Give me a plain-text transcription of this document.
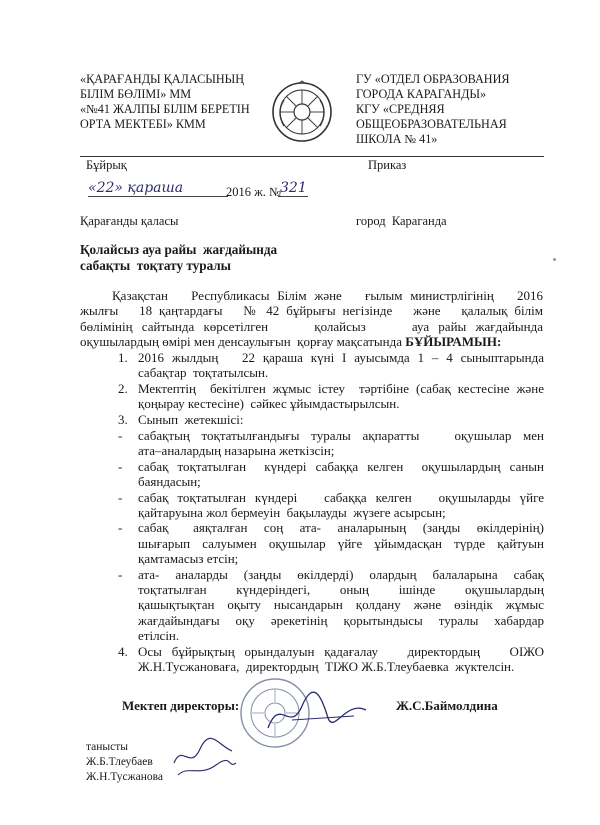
«ҚАРАҒАНДЫ ҚАЛАСЫНЫҢ
БІЛІМ БӨЛІМІ» ММ
«№41 ЖАЛПЫ БІЛІМ БЕРЕТІН
ОРТА МЕКТЕБІ» КММ
ГУ «ОТДЕЛ ОБРАЗОВАНИЯ
ГОРОДА КАРАГАНДЫ»
КГУ «СРЕДНЯЯ
ОБЩЕОБРАЗОВАТЕЛЬНАЯ
ШКОЛА № 41»
Бұйрық	Приказ
«22» қараша	2016 ж. № 321
Қарағанды қаласы	город  Караганда
Қолайсыз ауа райы  жағдайында
сабақты  тоқтату туралы
Қазақстан   Республикасы Білім және   ғылым министрлігінің   2016
жылғы   18 қаңтардағы   № 42 бұйрығы негізінде   және   қалалық білім
бөлімінің сайтында көрсетілген     қолайсыз     ауа райы жағдайында
оқушылардың өмірі мен денсаулығын  қорғау мақсатында БҰЙЫРАМЫН:
1. 2016 жылдың   22 қараша күні І ауысымда 1 – 4 сыныптарында
сабақтар  тоқтатылсын.
2. Мектептің  бекітілген жұмыс істеу  тәртібіне (сабақ кестесіне және
қоңырау кестесіне)  сәйкес ұйымдастырылсын.
3. Сынып  жетекшісі:
-	сабақтың тоқтатылғандығы туралы ақпаратты   оқушылар мен
ата–аналардың назарына жеткізсін;
-	сабақ тоқтатылған  күндері сабаққа келген  оқушылардың санын
баяндасын;
-	сабақ тоқтатылған күндері   сабаққа келген   оқушыларды үйге
қайтаруына жол бермеуін  бақылауды  жүзеге асырсын;
-	сабақ   аяқталған  соң  ата-  аналарының  (заңды  өкілдерінің)
шығарып салуымен оқушылар үйге ұйымдасқан түрде қайтуын
қамтамасыз етсін;
-	ата-  аналарды  (заңды  өкілдерді)  олардың  балаларына  сабақ
тоқтатылған    күндеріндегі,    оның    ішінде    оқушылардың
қашықтықтан оқыту нысандарын қолдану және өзіндік жұмыс
жағдайындағы оқу әрекетінің қорытындысы туралы хабардар
етілсін.
4. Осы бұйрықтың орындалуын қадағалау   директордың   ОІЖО
Ж.Н.Тусжановаға,  директордың  ТІЖО Ж.Б.Тлеубаевка  жүктелсін.
Мектеп директоры:	Ж.С.Баймолдина
танысты
Ж.Б.Тлеубаев
Ж.Н.Тусжанова
